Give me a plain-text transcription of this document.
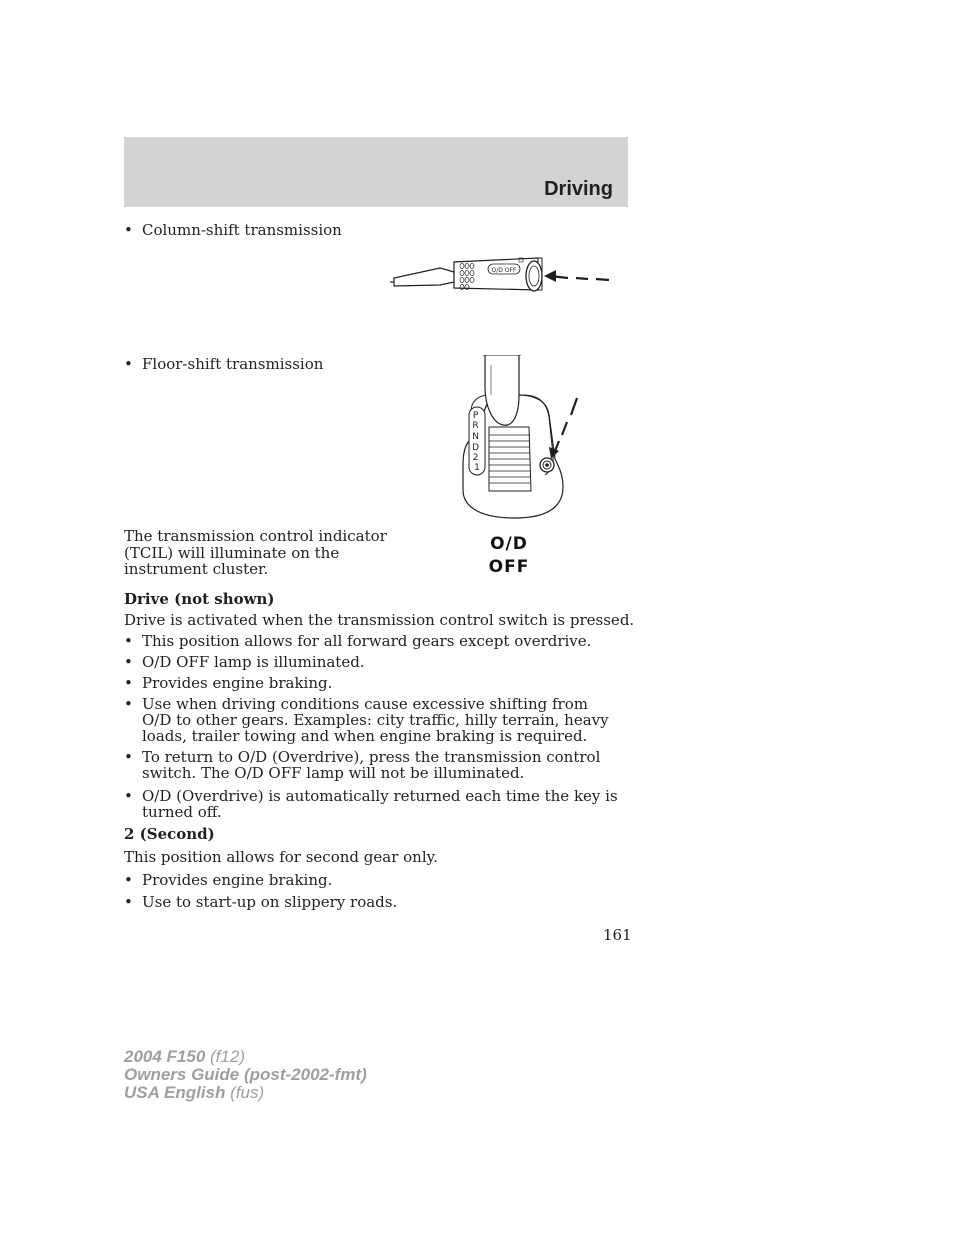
Driving
• Column-shift transmission
O/D OFF
• Floor-shift transmission
P R N D 2 1
The transmission control indicator
(TCIL) will illuminate on the
instrument cluster.
O/D
OFF
Drive (not shown)
Drive is activated when the transmission control switch is pressed.
• This position allows for all forward gears except overdrive.
• O/D OFF lamp is illuminated.
• Provides engine braking.
• Use when driving conditions cause excessive shifting from O/D to other gears. Examples: city traffic, hilly terrain, heavy loads, trailer towing and when engine braking is required.
• To return to O/D (Overdrive), press the transmission control switch. The O/D OFF lamp will not be illuminated.
• O/D (Overdrive) is automatically returned each time the key is turned off.
2 (Second)
This position allows for second gear only.
• Provides engine braking.
• Use to start-up on slippery roads.
161
2004 F150 (f12)
Owners Guide (post-2002-fmt)
USA English (fus)
